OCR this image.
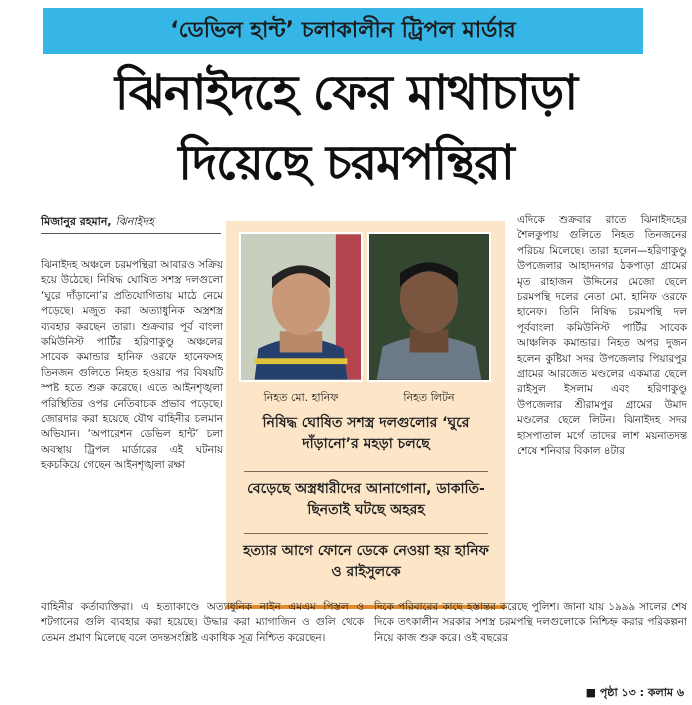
‘ডেভিল হান্ট’ চলাকালীন ট্রিপল মার্ডার
ঝিনাইদহে ফের মাথাচাড়া
দিয়েছে চরমপন্থিরা
মিজানুর রহমান, ঝিনাইদহ
ঝিনাইদহ অঞ্চলে চরমপন্থিরা আবারও সক্রিয় হয়ে উঠেছে। নিষিদ্ধ ঘোষিত সশস্ত্র দলগুলো ‘ঘুরে দাঁড়ানো’র প্রতিযোগিতায় মাঠে নেমে পড়েছে। মজুত করা অত্যাধুনিক অস্ত্রশস্ত্র ব্যবহার করছেন তারা। শুক্রবার পূর্ব বাংলা কমিউনিস্ট পার্টির হরিণাকুণ্ডু অঞ্চলের সাবেক কমান্ডার হানিফ ওরফে হানেফসহ তিনজন গুলিতে নিহত হওয়ার পর বিষয়টি স্পষ্ট হতে শুরু করেছে। এতে আইনশৃঙ্খলা পরিস্থিতির ওপর নেতিবাচক প্রভাব পড়েছে। জোরদার করা হয়েছে যৌথ বাহিনীর চলমান অভিযান। ‘অপারেশন ডেভিল হান্ট’ চলা অবস্থায় ট্রিপল মার্ডারের এই ঘটনায় হকচকিয়ে গেছেন আইনশৃঙ্খলা রক্ষা
নিহত মো. হানিফ	নিহত লিটন
নিষিদ্ধ ঘোষিত সশস্ত্র দলগুলোর ‘ঘুরে দাঁড়ানো’র মহড়া চলছে
বেড়েছে অস্ত্রধারীদের আনাগোনা, ডাকাতি-ছিনতাই ঘটছে অহরহ
হত্যার আগে ফোনে ডেকে নেওয়া হয় হানিফ ও রাইসুলকে
এদিকে শুক্রবার রাতে ঝিনাইদহের শৈলকুপায় গুলিতে নিহত তিনজনের পরিচয় মিলেছে। তারা হলেন—হরিণাকুণ্ডু উপজেলার আহাদনগর ঠকপাড়া গ্রামের মৃত রাহাজন উদ্দিনের মেজো ছেলে চরমপন্থি দলের নেতা মো. হানিফ ওরফে হানেফ। তিনি নিষিদ্ধ চরমপন্থি দল পূর্ববাংলা কমিউনিস্ট পার্টির সাবেক আঞ্চলিক কমান্ডার। নিহত অপর দুজন হলেন কুষ্টিয়া সদর উপজেলার পিয়ারপুর গ্রামের আরজেত মণ্ডলের একমাত্র ছেলে রাইসুল ইসলাম এবং হরিণাকুণ্ডু উপজেলার শ্রীরামপুর গ্রামের উমাদ মণ্ডলের ছেলে লিটন। ঝিনাইদহ সদর হাসপাতাল মর্গে তাদের লাশ ময়নাতদন্ত শেষে শনিবার বিকাল ৪টার
বাহিনীর কর্তাব্যক্তিরা। এ হত্যাকাণ্ডে অত্যাধুনিক নাইন এমএম পিস্তল ও শটগানের গুলি ব্যবহার করা হয়েছে। উদ্ধার করা ম্যাগাজিন ও গুলি থেকে তেমন প্রমাণ মিলেছে বলে তদন্তসংশ্লিষ্ট একাধিক সূত্র নিশ্চিত করেছেন।
দিকে পরিবারের কাছে হস্তান্তর করেছে পুলিশ। জানা যায় ১৯৯৯ সালের শেষ দিকে তৎকালীন সরকার সশস্ত্র চরমপন্থি দলগুলোকে নিশ্চিহ্ন করার পরিকল্পনা নিয়ে কাজ শুরু করে। ওই বছরের
■ পৃষ্ঠা ১৩ : কলাম ৬
